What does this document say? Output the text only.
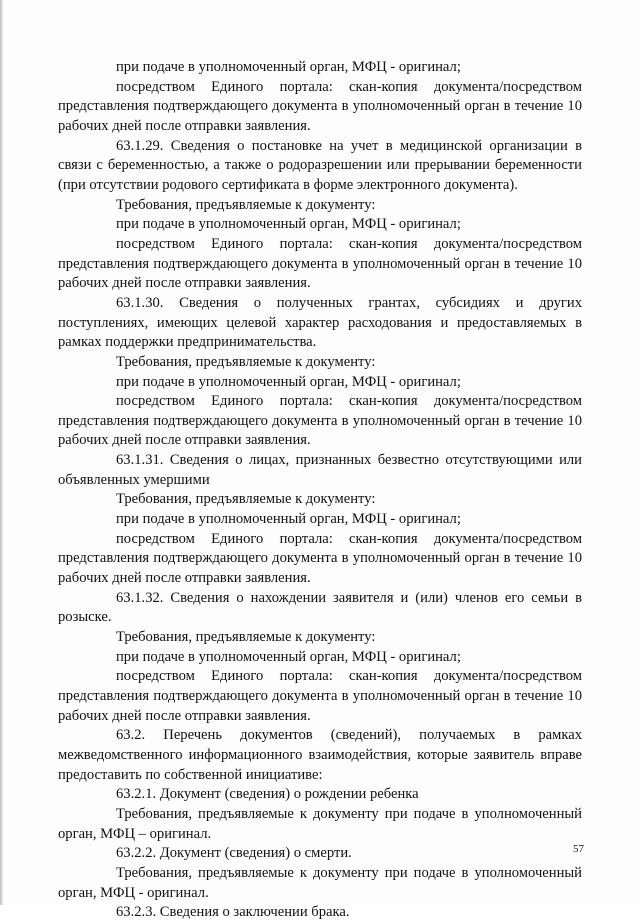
при подаче в уполномоченный орган, МФЦ - оригинал;

посредством Единого портала: скан-копия документа/посредством представления подтверждающего документа в уполномоченный орган в течение 10 рабочих дней после отправки заявления.

63.1.29. Сведения о постановке на учет в медицинской организации в связи с беременностью, а также о родоразрешении или прерывании беременности (при отсутствии родового сертификата в форме электронного документа).

Требования, предъявляемые к документу:

при подаче в уполномоченный орган, МФЦ - оригинал;

посредством Единого портала: скан-копия документа/посредством представления подтверждающего документа в уполномоченный орган в течение 10 рабочих дней после отправки заявления.

63.1.30. Сведения о полученных грантах, субсидиях и других поступлениях, имеющих целевой характер расходования и предоставляемых в рамках поддержки предпринимательства.

Требования, предъявляемые к документу:

при подаче в уполномоченный орган, МФЦ - оригинал;

посредством Единого портала: скан-копия документа/посредством представления подтверждающего документа в уполномоченный орган в течение 10 рабочих дней после отправки заявления.

63.1.31. Сведения о лицах, признанных безвестно отсутствующими или объявленных умершими

Требования, предъявляемые к документу:

при подаче в уполномоченный орган, МФЦ - оригинал;

посредством Единого портала: скан-копия документа/посредством представления подтверждающего документа в уполномоченный орган в течение 10 рабочих дней после отправки заявления.

63.1.32. Сведения о нахождении заявителя и (или) членов его семьи в розыске.

Требования, предъявляемые к документу:

при подаче в уполномоченный орган, МФЦ - оригинал;

посредством Единого портала: скан-копия документа/посредством представления подтверждающего документа в уполномоченный орган в течение 10 рабочих дней после отправки заявления.

63.2. Перечень документов (сведений), получаемых в рамках межведомственного информационного взаимодействия, которые заявитель вправе предоставить по собственной инициативе:

63.2.1. Документ (сведения) о рождении ребенка

Требования, предъявляемые к документу при подаче в уполномоченный орган, МФЦ – оригинал.

63.2.2. Документ (сведения) о смерти.

Требования, предъявляемые к документу при подаче в уполномоченный орган, МФЦ - оригинал.

63.2.3. Сведения о заключении брака.

57
